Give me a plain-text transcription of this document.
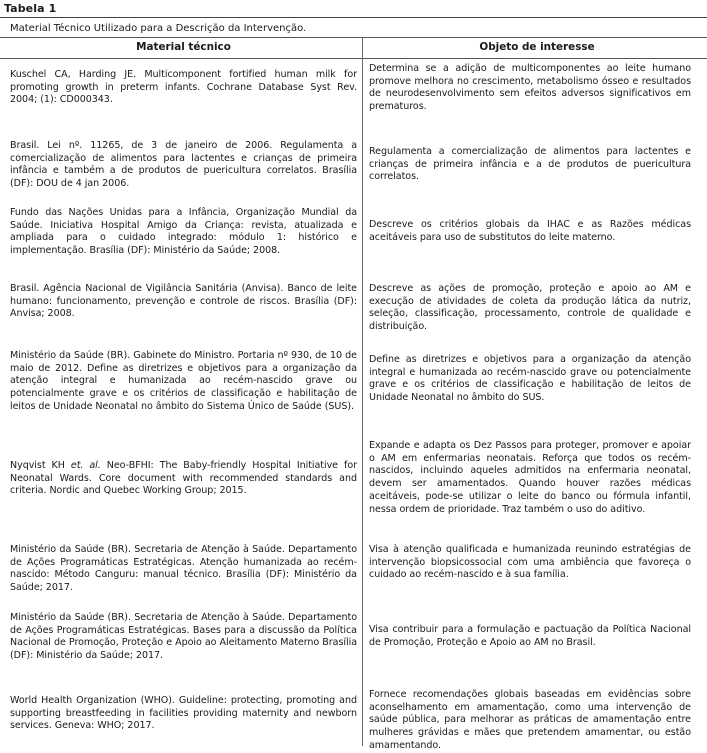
Tabela 1
Material Técnico Utilizado para a Descrição da Intervenção.
Material técnico	Objeto de interesse
Kuschel CA, Harding JE. Multicomponent fortified human milk for promoting growth in preterm infants. Cochrane Database Syst Rev. 2004; (1): CD000343.
Determina se a adição de multicomponentes ao leite humano promove melhora no crescimento, metabolismo ósseo e resultados de neurodesenvolvimento sem efeitos adversos significativos em prematuros.
Brasil. Lei nº. 11265, de 3 de janeiro de 2006. Regulamenta a comercialização de alimentos para lactentes e crianças de primeira infância e também a de produtos de puericultura correlatos. Brasília (DF): DOU de 4 jan 2006.
Regulamenta a comercialização de alimentos para lactentes e crianças de primeira infância e a de produtos de puericultura correlatos.
Fundo das Nações Unidas para a Infância, Organização Mundial da Saúde. Iniciativa Hospital Amigo da Criança: revista, atualizada e ampliada para o cuidado integrado: módulo 1: histórico e implementação. Brasília (DF): Ministério da Saúde; 2008.
Descreve os critérios globais da IHAC e as Razões médicas aceitáveis para uso de substitutos do leite materno.
Brasil. Agência Nacional de Vigilância Sanitária (Anvisa). Banco de leite humano: funcionamento, prevenção e controle de riscos. Brasília (DF): Anvisa; 2008.
Descreve as ações de promoção, proteção e apoio ao AM e execução de atividades de coleta da produção lática da nutriz, seleção, classificação, processamento, controle de qualidade e distribuição.
Ministério da Saúde (BR). Gabinete do Ministro. Portaria nº 930, de 10 de maio de 2012. Define as diretrizes e objetivos para a organização da atenção integral e humanizada ao recém-nascido grave ou potencialmente grave e os critérios de classificação e habilitação de leitos de Unidade Neonatal no âmbito do Sistema Único de Saúde (SUS).
Define as diretrizes e objetivos para a organização da atenção integral e humanizada ao recém-nascido grave ou potencialmente grave e os critérios de classificação e habilitação de leitos de Unidade Neonatal no âmbito do SUS.
Nyqvist KH et. al. Neo-BFHI: The Baby-friendly Hospital Initiative for Neonatal Wards. Core document with recommended standards and criteria. Nordic and Quebec Working Group; 2015.
Expande e adapta os Dez Passos para proteger, promover e apoiar o AM em enfermarias neonatais. Reforça que todos os recém-nascidos, incluindo aqueles admitidos na enfermaria neonatal, devem ser amamentados. Quando houver razões médicas aceitáveis, pode-se utilizar o leite do banco ou fórmula infantil, nessa ordem de prioridade. Traz também o uso do aditivo.
Ministério da Saúde (BR). Secretaria de Atenção à Saúde. Departamento de Ações Programáticas Estratégicas. Atenção humanizada ao recém-nascido: Método Canguru: manual técnico. Brasília (DF): Ministério da Saúde; 2017.
Visa à atenção qualificada e humanizada reunindo estratégias de intervenção biopsicossocial com uma ambiência que favoreça o cuidado ao recém-nascido e à sua família.
Ministério da Saúde (BR). Secretaria de Atenção à Saúde. Departamento de Ações Programáticas Estratégicas. Bases para a discussão da Política Nacional de Promoção, Proteção e Apoio ao Aleitamento Materno Brasília (DF): Ministério da Saúde; 2017.
Visa contribuir para a formulação e pactuação da Política Nacional de Promoção, Proteção e Apoio ao AM no Brasil.
World Health Organization (WHO). Guideline: protecting, promoting and supporting breastfeeding in facilities providing maternity and newborn services. Geneva: WHO; 2017.
Fornece recomendações globais baseadas em evidências sobre aconselhamento em amamentação, como uma intervenção de saúde pública, para melhorar as práticas de amamentação entre mulheres grávidas e mães que pretendem amamentar, ou estão amamentando.
